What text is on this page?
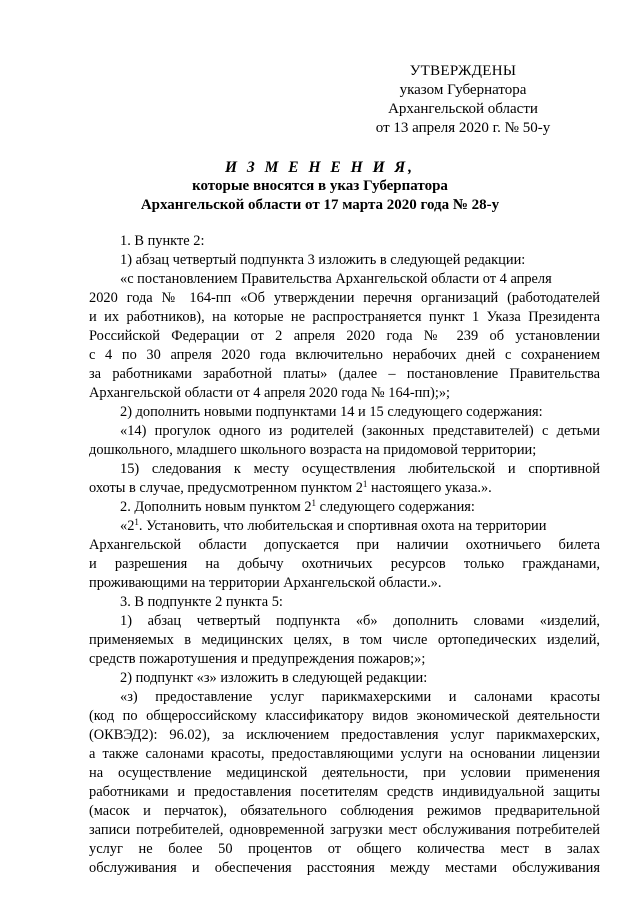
УТВЕРЖДЕНЫ
указом Губернатора
Архангельской области
от 13 апреля 2020 г. № 50-у
И З М Е Н Е Н И Я,
которые вносятся в указ Губерпатора
Архангельской области от 17 марта 2020 года № 28-у
1. В пункте 2:
1) абзац четвертый подпункта 3 изложить в следующей редакции:
«с постановлением Правительства Архангельской области от 4 апреля
2020 года № 164-пп «Об утверждении перечня организаций (работодателей
и их работников), на которые не распространяется пункт 1 Указа Президента
Российской Федерации от 2 апреля 2020 года № 239 об установлении
с 4 по 30 апреля 2020 года включительно нерабочих дней с сохранением
за работниками заработной платы» (далее – постановление Правительства
Архангельской области от 4 апреля 2020 года № 164-пп);»;
2) дополнить новыми подпунктами 14 и 15 следующего содержания:
«14) прогулок одного из родителей (законных представителей) с детьми
дошкольного, младшего школьного возраста на придомовой территории;
15) следования к месту осуществления любительской и спортивной
охоты в случае, предусмотренном пунктом $2^1$ настоящего указа.».
2. Дополнить новым пунктом $2^1$ следующего содержания:
«$2^1$. Установить, что любительская и спортивная охота на территории
Архангельской области допускается при наличии охотничьего билета
и разрешения на добычу охотничьих ресурсов только гражданами,
проживающими на территории Архангельской области.».
3. В подпункте 2 пункта 5:
1) абзац четвертый подпункта «б» дополнить словами «изделий,
применяемых в медицинских целях, в том числе ортопедических изделий,
средств пожаротушения и предупреждения пожаров;»;
2) подпункт «з» изложить в следующей редакции:
«з) предоставление услуг парикмахерскими и салонами красоты
(код по общероссийскому классификатору видов экономической деятельности
(ОКВЭД2): 96.02), за исключением предоставления услуг парикмахерских,
а также салонами красоты, предоставляющими услуги на основании лицензии
на осуществление медицинской деятельности, при условии применения
работниками и предоставления посетителям средств индивидуальной защиты
(масок и перчаток), обязательного соблюдения режимов предварительной
записи потребителей, одновременной загрузки мест обслуживания потребителей
услуг не более 50 процентов от общего количества мест в залах
обслуживания и обеспечения расстояния между местами обслуживания
